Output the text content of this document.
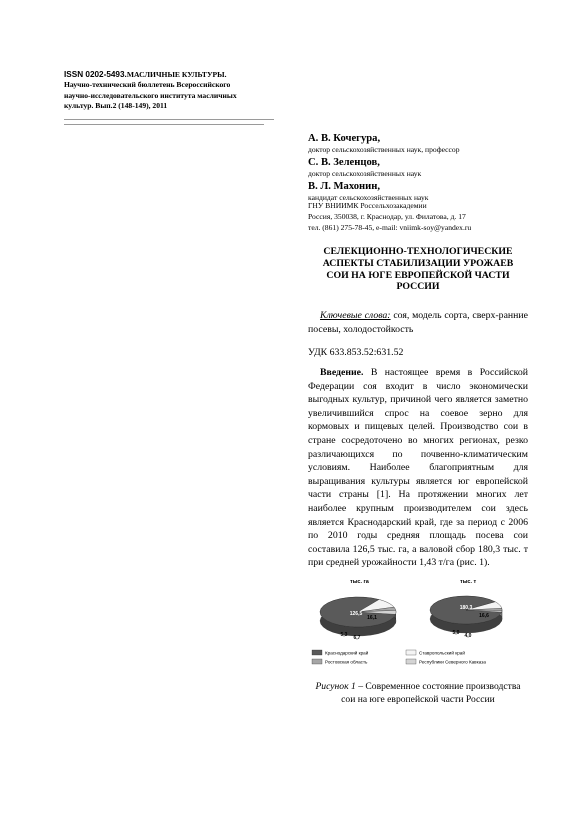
ISSN 0202-5493.МАСЛИЧНЫЕ КУЛЬТУРЫ.
Научно-технический бюллетень Всероссийского
научно-исследовательского института масличных
культур. Вып.2 (148-149), 2011
А. В. Кочегура,
доктор сельскохозяйственных наук, профессор
С. В. Зеленцов,
доктор сельскохозяйственных наук
В. Л. Махонин,
кандидат сельскохозяйственных наук
ГНУ ВНИИМК Россельхозакадемии
Россия, 350038, г. Краснодар, ул. Филатова, д. 17
тел. (861) 275-78-45, e-mail: vniimk-soy@yandex.ru
СЕЛЕКЦИОННО-ТЕХНОЛОГИЧЕСКИЕ
АСПЕКТЫ СТАБИЛИЗАЦИИ УРОЖАЕВ
СОИ НА ЮГЕ ЕВРОПЕЙСКОЙ ЧАСТИ
РОССИИ
Ключевые слова: соя, модель сорта, сверх-ранние посевы, холодостойкость
УДК 633.853.52:631.52
Введение. В настоящее время в Российской Федерации соя входит в число экономически выгодных культур, причиной чего является заметно увеличившийся спрос на соевое зерно для кормовых и пищевых целей. Производство сои в стране сосредоточено во многих регионах, резко различающихся по почвенно-климатическим условиям. Наиболее благоприятным для выращивания культуры является юг европейской части страны [1]. На протяжении многих лет наиболее крупным производителем сои здесь является Краснодарский край, где за период с 2006 по 2010 годы средняя площадь посева сои составила 126,5 тыс. га, а валовой сбор 180,3 тыс. т при средней урожайности 1,43 т/га (рис. 1).
тыс. га
126,5
16,1
5,3 6,7
тыс. т
180,3
16,6
5,0 4,0
Краснодарский край	Ставропольский край
Ростовская область	Республики Северного Кавказа
Рисунок 1 – Современное состояние производства сои на юге европейской части России
